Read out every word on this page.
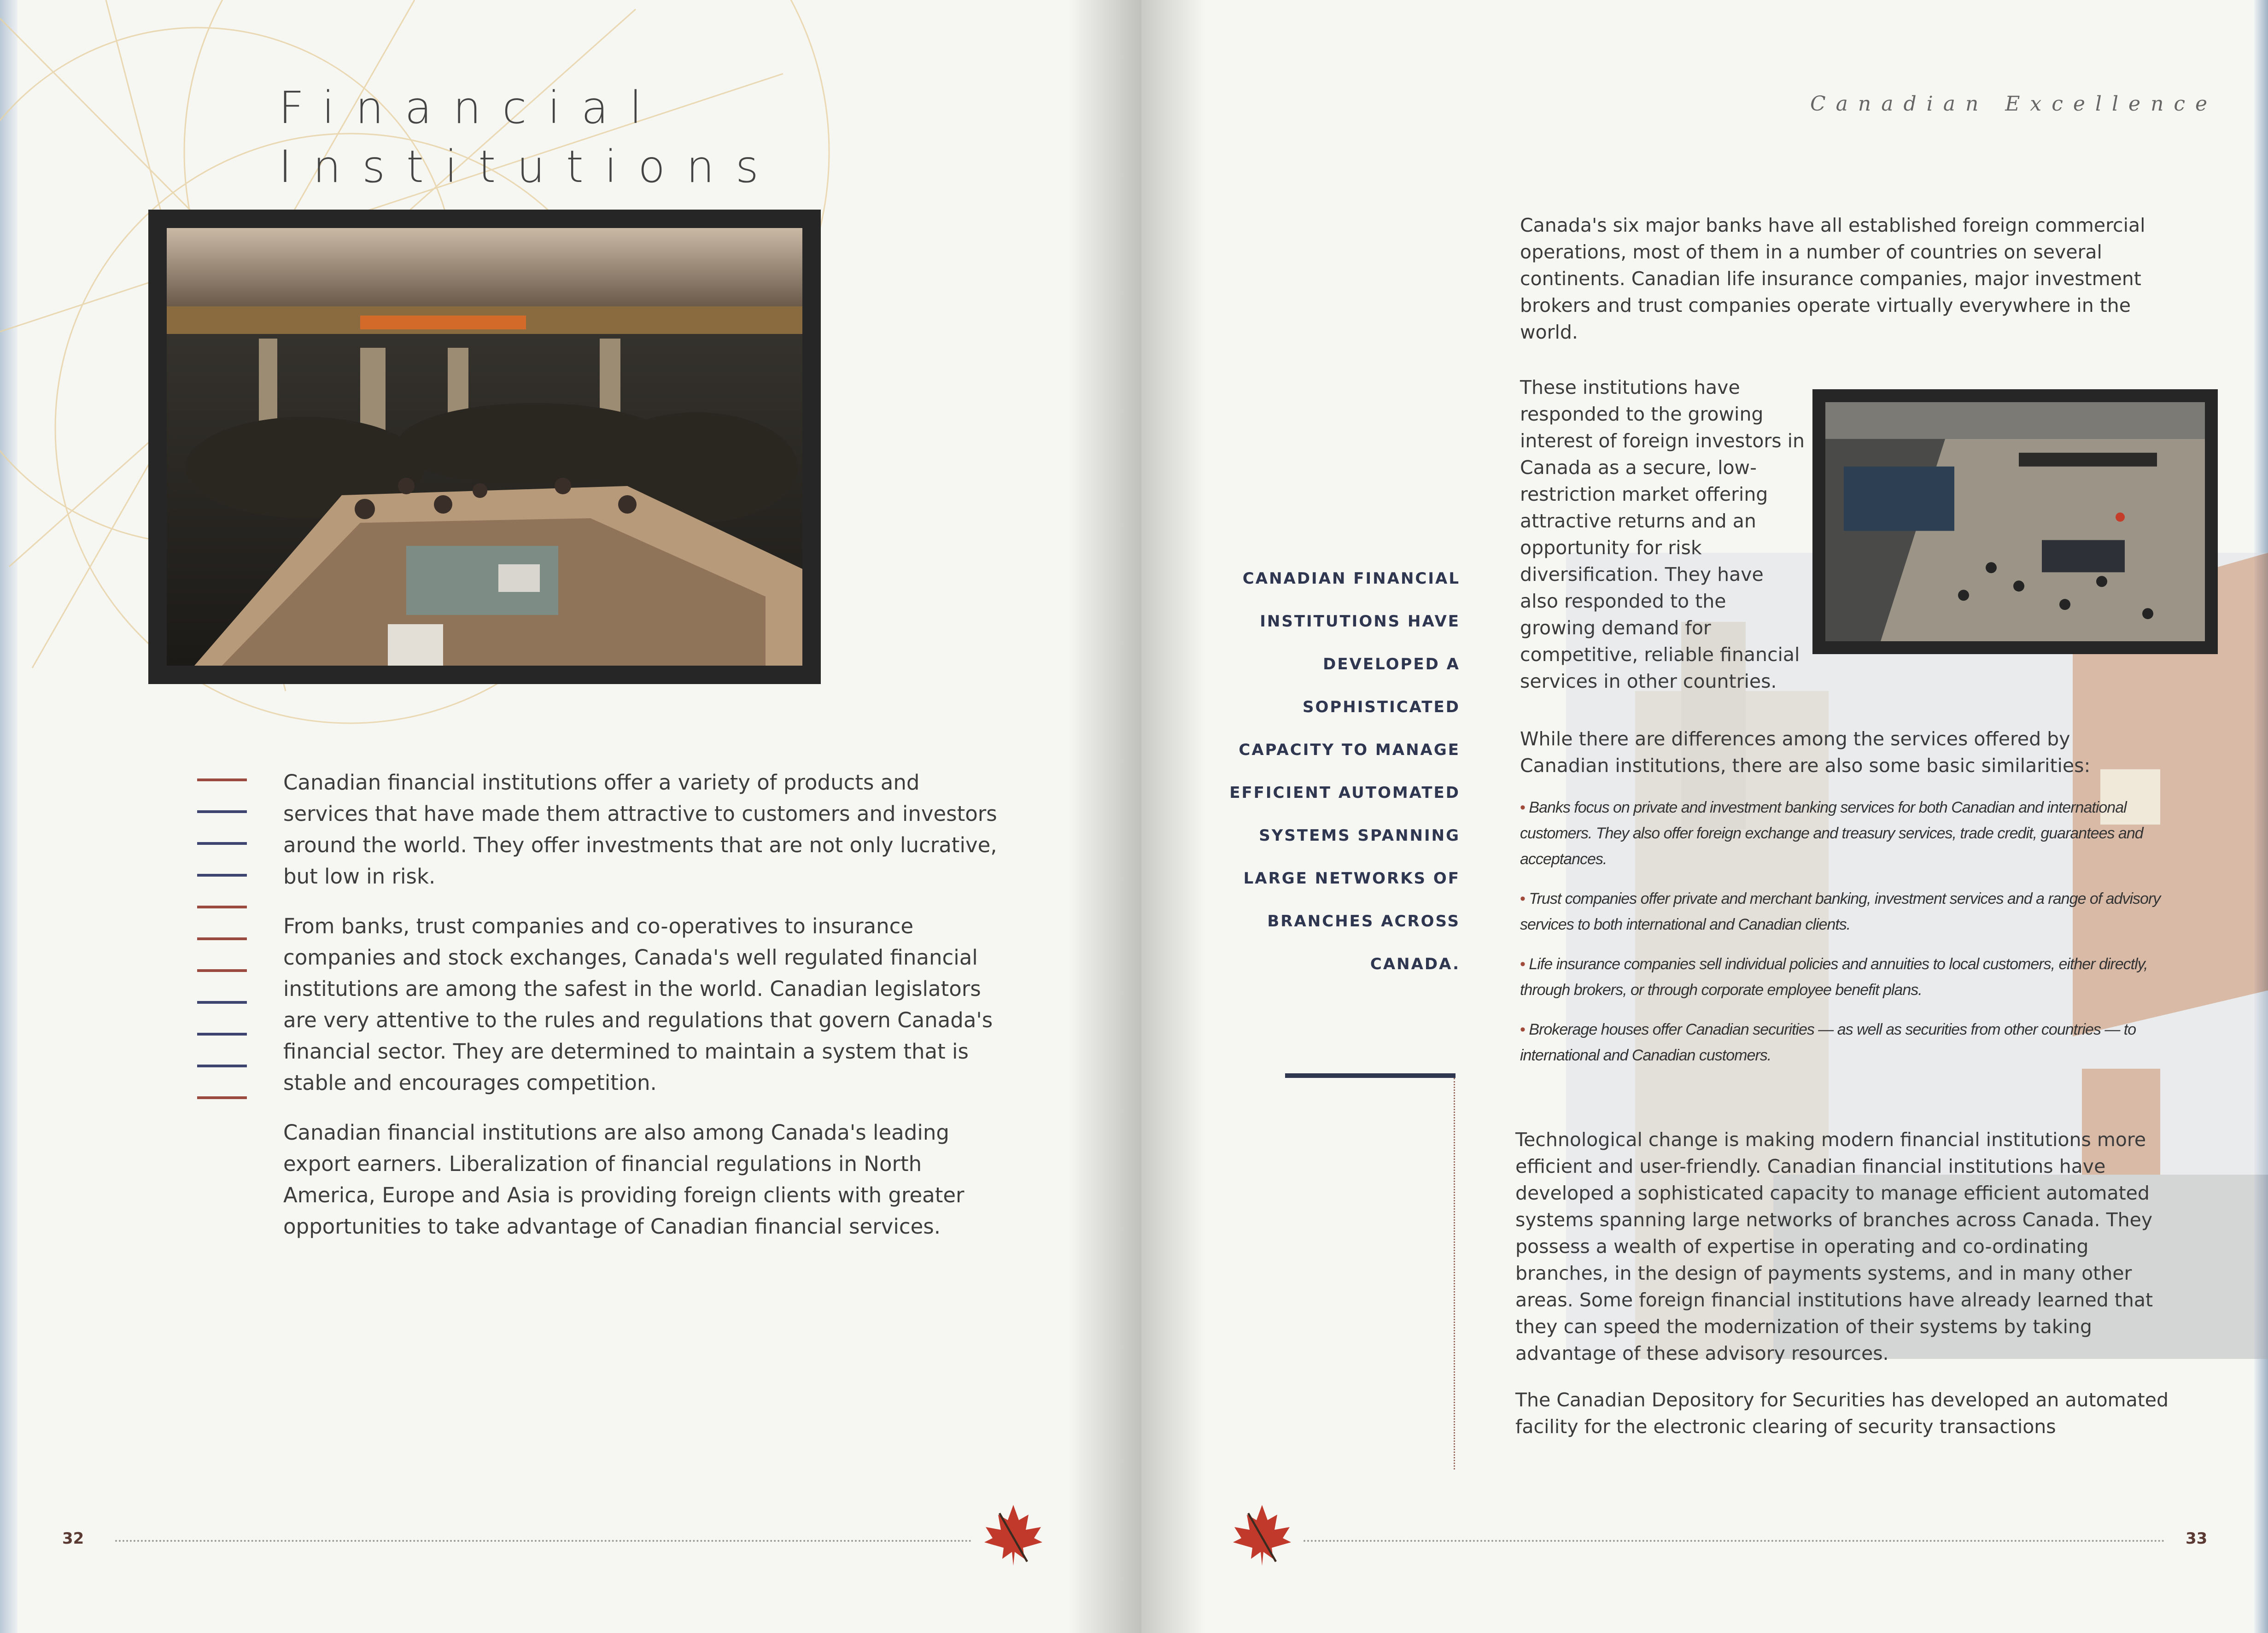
Financial
Institutions

Canadian financial institutions offer a variety of products and services that have made them attractive to customers and investors around the world. They offer investments that are not only lucrative, but low in risk.

From banks, trust companies and co-operatives to insurance companies and stock exchanges, Canada's well regulated financial institutions are among the safest in the world. Canadian legislators are very attentive to the rules and regulations that govern Canada's financial sector. They are determined to maintain a system that is stable and encourages competition.

Canadian financial institutions are also among Canada's leading export earners. Liberalization of financial regulations in North America, Europe and Asia is providing foreign clients with greater opportunities to take advantage of Canadian financial services.

32
Canadian Excellence
CANADIAN FINANCIAL INSTITUTIONS HAVE DEVELOPED A SOPHISTICATED CAPACITY TO MANAGE EFFICIENT AUTOMATED SYSTEMS SPANNING LARGE NETWORKS OF BRANCHES ACROSS CANADA.
Canada's six major banks have all established foreign commercial operations, most of them in a number of countries on several continents. Canadian life insurance companies, major investment brokers and trust companies operate virtually everywhere in the world.
These institutions have responded to the growing interest of foreign investors in Canada as a secure, low-restriction market offering attractive returns and an opportunity for risk diversification. They have also responded to the growing demand for competitive, reliable financial services in other countries.
While there are differences among the services offered by Canadian institutions, there are also some basic similarities:

• Banks focus on private and investment banking services for both Canadian and international customers. They also offer foreign exchange and treasury services, trade credit, guarantees and acceptances.

• Trust companies offer private and merchant banking, investment services and a range of advisory services to both international and Canadian clients.

• Life insurance companies sell individual policies and annuities to local customers, either directly, through brokers, or through corporate employee benefit plans.

• Brokerage houses offer Canadian securities — as well as securities from other countries — to international and Canadian customers.

Technological change is making modern financial institutions more efficient and user-friendly. Canadian financial institutions have developed a sophisticated capacity to manage efficient automated systems spanning large networks of branches across Canada. They possess a wealth of expertise in operating and co-ordinating branches, in the design of payments systems, and in many other areas. Some foreign financial institutions have already learned that they can speed the modernization of their systems by taking advantage of these advisory resources.
The Canadian Depository for Securities has developed an automated facility for the electronic clearing of security transactions
33
